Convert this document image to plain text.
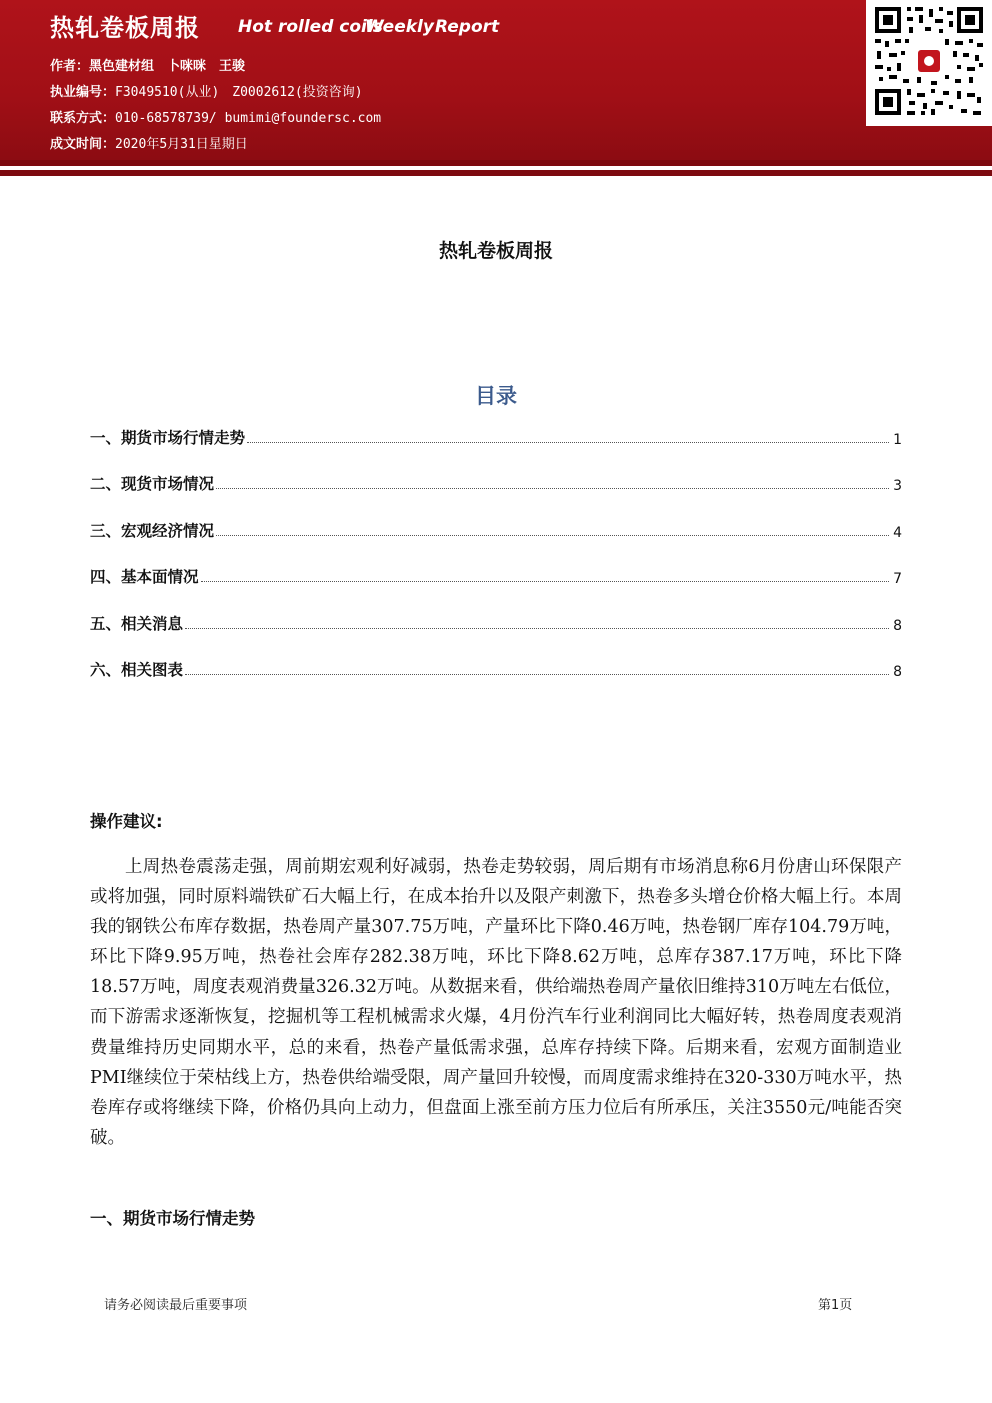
热轧卷板周报 Hot rolled coils

Weekly Report

作者：黑色建材组　卜咪咪　王骏

执业编号：F3049510(从业)　Z0002612(投资咨询)

联系方式：010-68578739/ bumimi@foundersc.com

成文时间：2020年5月31日星期日

热轧卷板周报
目录
一、期货市场行情走势	1
二、现货市场情况	3
三、宏观经济情况	4
四、基本面情况	7
五、相关消息	8
六、相关图表	8
操作建议:

上周热卷震荡走强，周前期宏观利好减弱，热卷走势较弱，周后期有市场消息称6月份唐山环保限产或将加强，同时原料端铁矿石大幅上行，在成本抬升以及限产刺激下，热卷多头增仓价格大幅上行。本周我的钢铁公布库存数据，热卷周产量307.75万吨，产量环比下降0.46万吨，热卷钢厂库存104.79万吨，环比下降9.95万吨，热卷社会库存282.38万吨，环比下降8.62万吨，总库存387.17万吨，环比下降18.57万吨，周度表观消费量326.32万吨。从数据来看，供给端热卷周产量依旧维持310万吨左右低位，而下游需求逐渐恢复，挖掘机等工程机械需求火爆，4月份汽车行业利润同比大幅好转，热卷周度表观消费量维持历史同期水平，总的来看，热卷产量低需求强，总库存持续下降。后期来看，宏观方面制造业PMI继续位于荣枯线上方，热卷供给端受限，周产量回升较慢，而周度需求维持在320-330万吨水平，热卷库存或将继续下降，价格仍具向上动力，但盘面上涨至前方压力位后有所承压，关注3550元/吨能否突破。

一、期货市场行情走势

请务必阅读最后重要事项	第1页
